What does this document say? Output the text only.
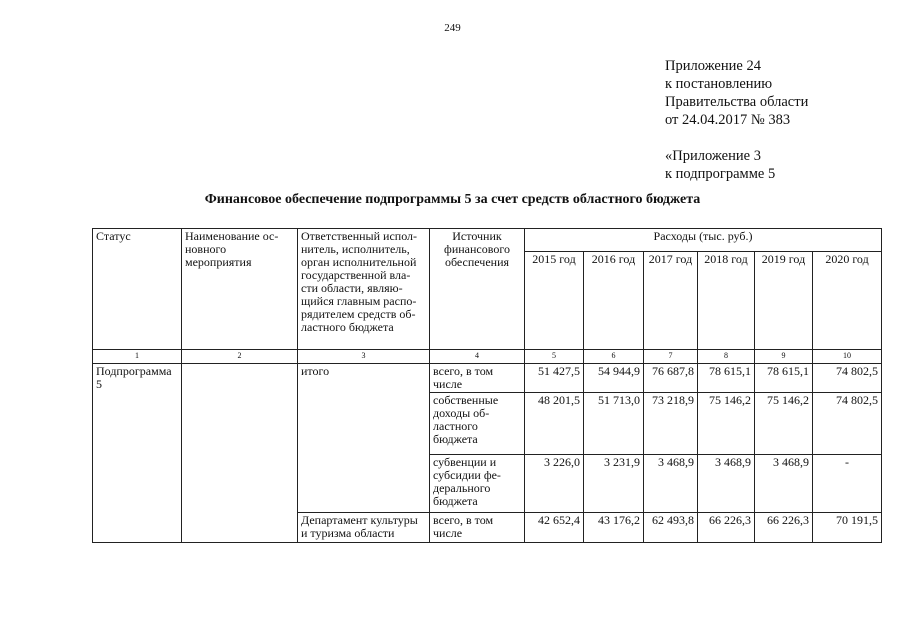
249
Приложение 24
к постановлению
Правительства области
от 24.04.2017 № 383
«Приложение 3
к подпрограмме 5
Финансовое обеспечение подпрограммы 5 за счет средств областного бюджета
Статус	Наименование ос-новного мероприятия	Ответственный испол-нитель, исполнитель, орган исполнительной государственной вла-сти области, являю-щийся главным распо-рядителем средств об-ластного бюджета	Источник финансового обеспечения	Расходы (тыс. руб.)					
				2015 год	2016 год	2017 год	2018 год	2019 год	2020 год
1	2	3	4	5	6	7	8	9	10
Подпрограмма 5		итого	всего, в том числе	51 427,5	54 944,9	76 687,8	78 615,1	78 615,1	74 802,5
			собственные доходы об-ластного бюджета	48 201,5	51 713,0	73 218,9	75 146,2	75 146,2	74 802,5
			субвенции и субсидии фе-дерального бюджета	3 226,0	3 231,9	3 468,9	3 468,9	3 468,9	-
		Департамент культуры и туризма области	всего, в том числе	42 652,4	43 176,2	62 493,8	66 226,3	66 226,3	70 191,5
